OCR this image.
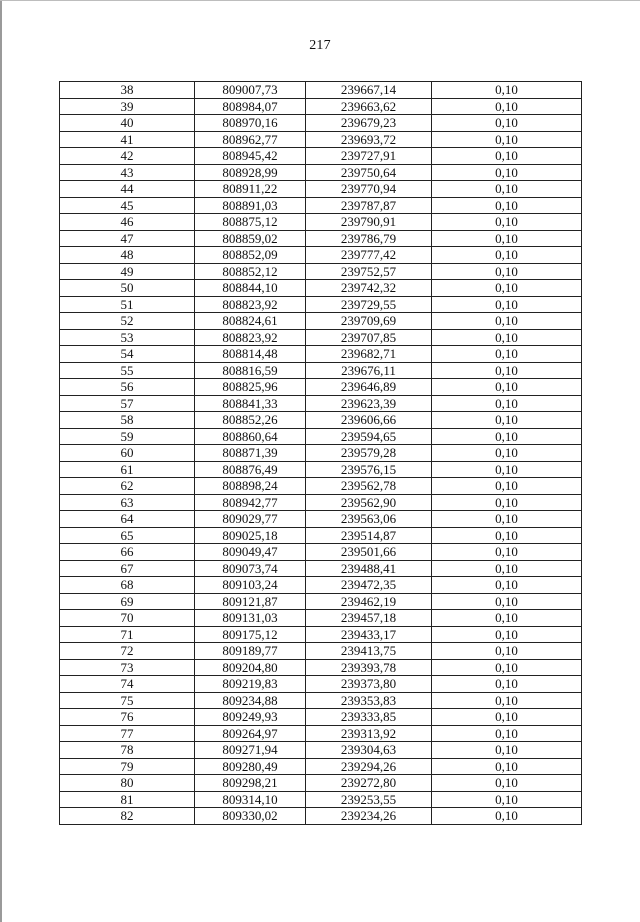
217
38	809007,73	239667,14	0,10
39	808984,07	239663,62	0,10
40	808970,16	239679,23	0,10
41	808962,77	239693,72	0,10
42	808945,42	239727,91	0,10
43	808928,99	239750,64	0,10
44	808911,22	239770,94	0,10
45	808891,03	239787,87	0,10
46	808875,12	239790,91	0,10
47	808859,02	239786,79	0,10
48	808852,09	239777,42	0,10
49	808852,12	239752,57	0,10
50	808844,10	239742,32	0,10
51	808823,92	239729,55	0,10
52	808824,61	239709,69	0,10
53	808823,92	239707,85	0,10
54	808814,48	239682,71	0,10
55	808816,59	239676,11	0,10
56	808825,96	239646,89	0,10
57	808841,33	239623,39	0,10
58	808852,26	239606,66	0,10
59	808860,64	239594,65	0,10
60	808871,39	239579,28	0,10
61	808876,49	239576,15	0,10
62	808898,24	239562,78	0,10
63	808942,77	239562,90	0,10
64	809029,77	239563,06	0,10
65	809025,18	239514,87	0,10
66	809049,47	239501,66	0,10
67	809073,74	239488,41	0,10
68	809103,24	239472,35	0,10
69	809121,87	239462,19	0,10
70	809131,03	239457,18	0,10
71	809175,12	239433,17	0,10
72	809189,77	239413,75	0,10
73	809204,80	239393,78	0,10
74	809219,83	239373,80	0,10
75	809234,88	239353,83	0,10
76	809249,93	239333,85	0,10
77	809264,97	239313,92	0,10
78	809271,94	239304,63	0,10
79	809280,49	239294,26	0,10
80	809298,21	239272,80	0,10
81	809314,10	239253,55	0,10
82	809330,02	239234,26	0,10
